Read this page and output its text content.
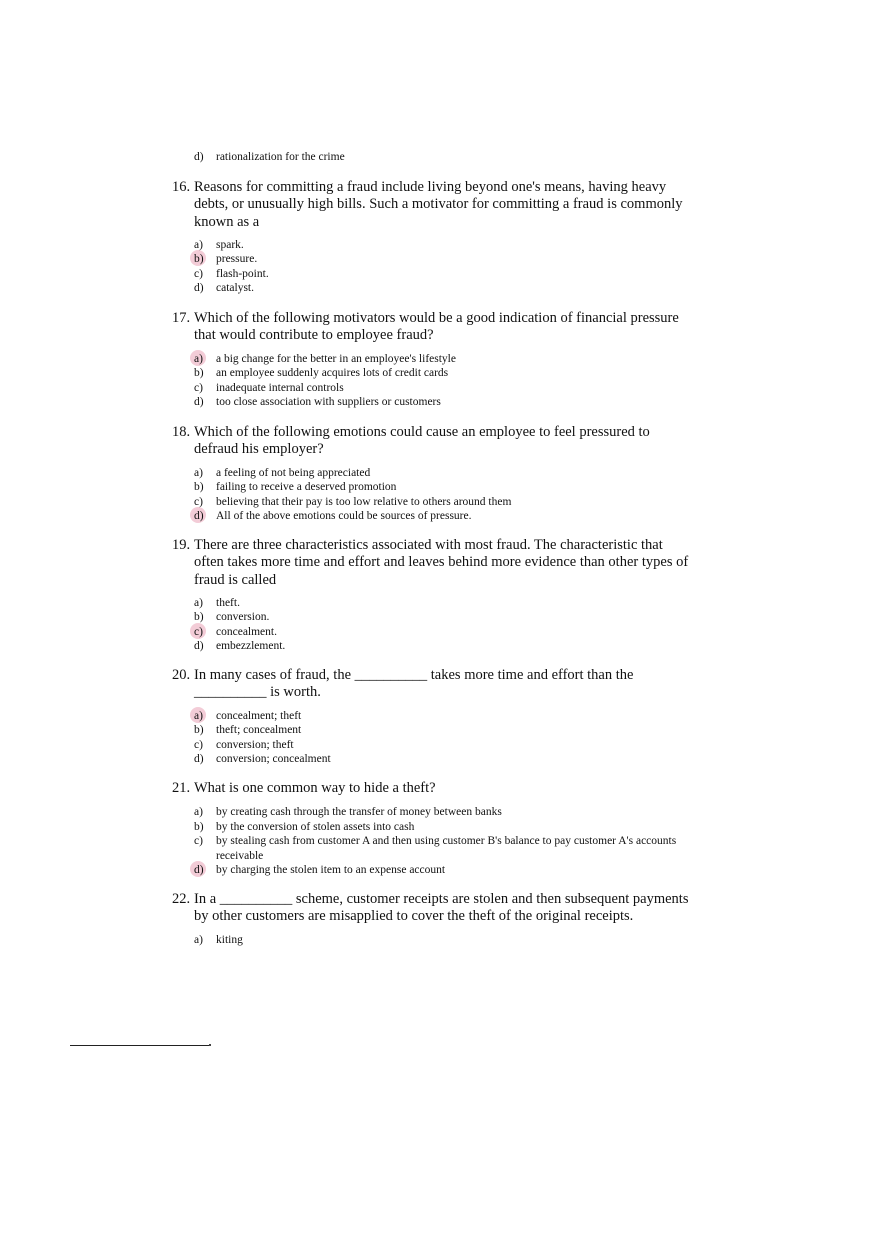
d)	rationalization for the crime
16. Reasons for committing a fraud include living beyond one's means, having heavy
debts, or unusually high bills. Such a motivator for committing a fraud is commonly
known as a
a)	spark.
b)	pressure.
c)	flash-point.
d)	catalyst.
17. Which of the following motivators would be a good indication of financial pressure
that would contribute to employee fraud?
a)	a big change for the better in an employee's lifestyle
b)	an employee suddenly acquires lots of credit cards
c)	inadequate internal controls
d)	too close association with suppliers or customers
18. Which of the following emotions could cause an employee to feel pressured to
defraud his employer?
a)	a feeling of not being appreciated
b)	failing to receive a deserved promotion
c)	believing that their pay is too low relative to others around them
d)	All of the above emotions could be sources of pressure.
19. There are three characteristics associated with most fraud. The characteristic that
often takes more time and effort and leaves behind more evidence than other types of
fraud is called
a)	theft.
b)	conversion.
c)	concealment.
d)	embezzlement.
20. In many cases of fraud, the __________ takes more time and effort than the
__________ is worth.
a)	concealment; theft
b)	theft; concealment
c)	conversion; theft
d)	conversion; concealment
21. What is one common way to hide a theft?
a)	by creating cash through the transfer of money between banks
b)	by the conversion of stolen assets into cash
c)	by stealing cash from customer A and then using customer B's balance to pay customer A's accounts receivable
d)	by charging the stolen item to an expense account
22. In a __________ scheme, customer receipts are stolen and then subsequent payments
by other customers are misapplied to cover the theft of the original receipts.
a)	kiting
